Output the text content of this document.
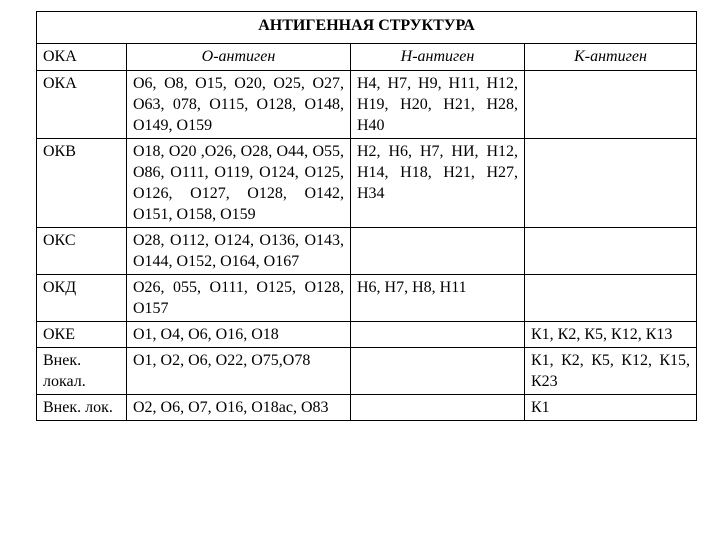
АНТИГЕННАЯ СТРУКТУРА			
ОКА	О-антиген	Н-антиген	К-антиген
ОКА	О6, О8, О15, О20, О25, О27, О63, 078, О115, О128, О148, О149, О159	Н4, Н7, Н9, Н11, Н12, Н19, Н20, Н21, Н28, Н40	
ОКВ	О18, О20 ,О26, О28, О44, О55, О86, О111, О119, О124, О125, О126, О127, О128, О142, О151, О158, О159	Н2, Н6, Н7, НИ, Н12, Н14, Н18, Н21, Н27, Н34	
ОКС	О28, О112, О124, О136, О143, О144, О152, О164, О167		
ОКД	О26, 055, О111, О125, О128, О157	Н6, Н7, Н8, Н11	
ОКЕ	О1, О4, О6, О16, О18		К1, К2, К5, К12, К13
Внек. локал.	О1, О2, О6, О22, О75,О78		К1, К2, К5, К12, К15, К23
Внек. лок.	О2, О6, О7, О16, О18ас, О83		К1
